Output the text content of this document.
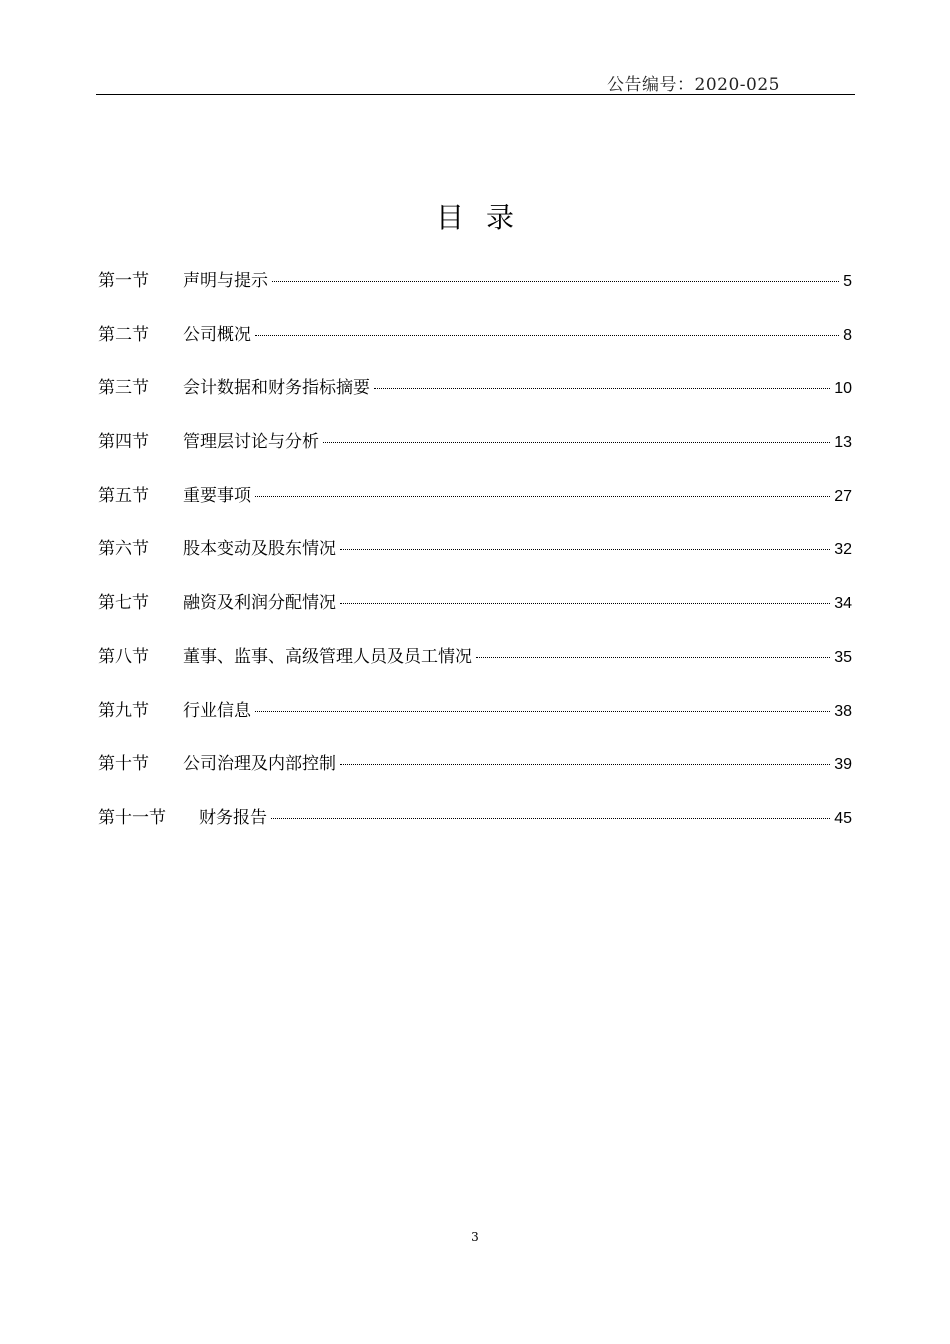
公告编号：2020-025
目录
第一节	声明与提示	5
第二节	公司概况	8
第三节	会计数据和财务指标摘要	10
第四节	管理层讨论与分析	13
第五节	重要事项	27
第六节	股本变动及股东情况	32
第七节	融资及利润分配情况	34
第八节	董事、监事、高级管理人员及员工情况	35
第九节	行业信息	38
第十节	公司治理及内部控制	39
第十一节	财务报告	45
3
